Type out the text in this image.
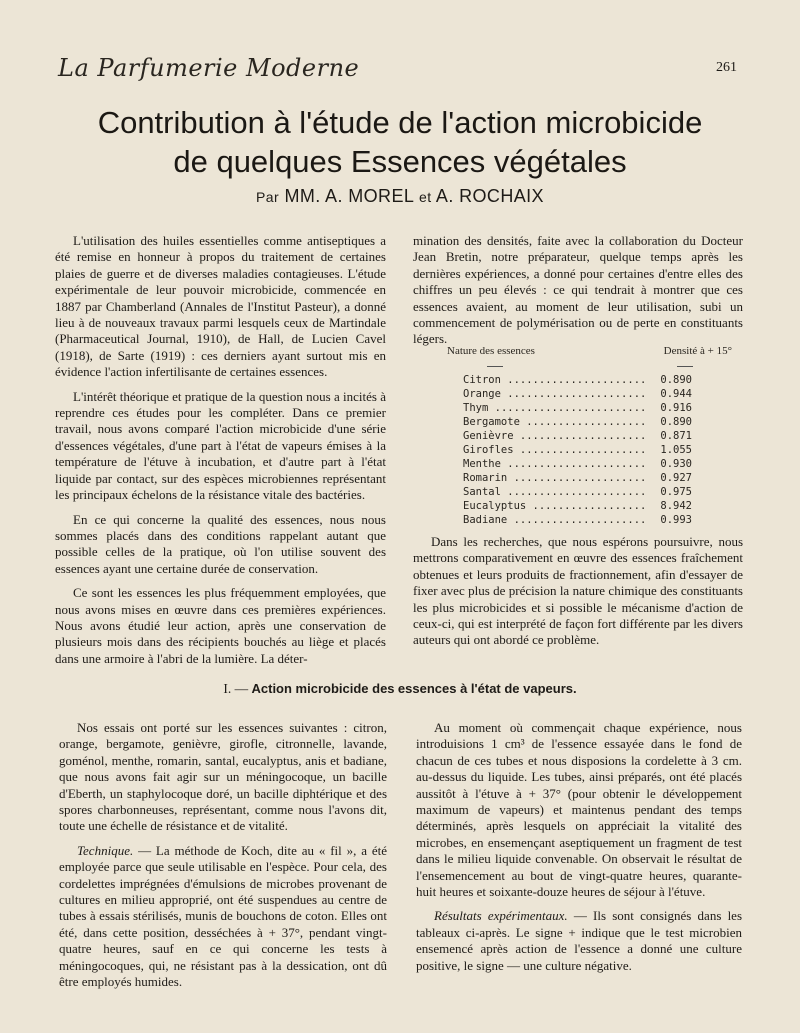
La Parfumerie Moderne	261
Contribution à l'étude de l'action microbicide
de quelques Essences végétales
Par MM. A. MOREL et A. ROCHAIX

L'utilisation des huiles essentielles comme antiseptiques a été remise en honneur à propos du traitement de certaines plaies de guerre et de diverses maladies contagieuses. L'étude expérimentale de leur pouvoir microbicide, commencée en 1887 par Chamberland (Annales de l'Institut Pasteur), a donné lieu à de nouveaux travaux parmi lesquels ceux de Martindale (Pharmaceutical Journal, 1910), de Hall, de Lucien Cavel (1918), de Sarte (1919) : ces derniers ayant surtout mis en évidence l'action infertilisante de certaines essences.

L'intérêt théorique et pratique de la question nous a incités à reprendre ces études pour les compléter. Dans ce premier travail, nous avons comparé l'action microbicide d'une série d'essences végétales, d'une part à l'état de vapeurs émises à la température de l'étuve à incubation, et d'autre part à l'état liquide par contact, sur des espèces microbiennes représentant les principaux échelons de la résistance vitale des bactéries.

En ce qui concerne la qualité des essences, nous nous sommes placés dans des conditions rappelant autant que possible celles de la pratique, où l'on utilise souvent des essences ayant une certaine durée de conservation.

Ce sont les essences les plus fréquemment employées, que nous avons mises en œuvre dans ces premières expériences. Nous avons étudié leur action, après une conservation de plusieurs mois dans des récipients bouchés au liège et placés dans une armoire à l'abri de la lumière. La déter-

mination des densités, faite avec la collaboration du Docteur Jean Bretin, notre préparateur, quelque temps après les dernières expériences, a donné pour certaines d'entre elles des chiffres un peu élevés : ce qui tendrait à montrer que ces essences avaient, au moment de leur utilisation, subi un commencement de polymérisation ou de perte en constituants légers.

Nature des essences	Densité à + 15°
Citron .....	0.890
Orange .....	0.944
Thym .....	0.916
Bergamote .....	0.890
Genièvre .....	0.871
Girofles .....	1.055
Menthe .....	0.930
Romarin .....	0.927
Santal .....	0.975
Eucalyptus .....	8.942
Badiane .....	0.993

Dans les recherches, que nous espérons poursuivre, nous mettrons comparativement en œuvre des essences fraîchement obtenues et leurs produits de fractionnement, afin d'essayer de fixer avec plus de précision la nature chimique des constituants les plus microbicides et si possible le mécanisme d'action de ceux-ci, qui est interprété de façon fort différente par les divers auteurs qui ont abordé ce problème.

I. — Action microbicide des essences à l'état de vapeurs.

Nos essais ont porté sur les essences suivantes : citron, orange, bergamote, genièvre, girofle, citronnelle, lavande, goménol, menthe, romarin, santal, eucalyptus, anis et badiane, que nous avons fait agir sur un méningocoque, un bacille d'Eberth, un staphylocoque doré, un bacille diphtérique et des spores charbonneuses, représentant, comme nous l'avons dit, toute une échelle de résistance et de vitalité.

Technique. — La méthode de Koch, dite au « fil », a été employée parce que seule utilisable en l'espèce. Pour cela, des cordelettes imprégnées d'émulsions de microbes provenant de cultures en milieu approprié, ont été suspendues au centre de tubes à essais stérilisés, munis de bouchons de coton. Elles ont été, dans cette position, desséchées à + 37°, pendant vingt-quatre heures, sauf en ce qui concerne les tests à méningocoques, qui, ne résistant pas à la dessication, ont dû être employés humides.

Au moment où commençait chaque expérience, nous introduisions 1 cm³ de l'essence essayée dans le fond de chacun de ces tubes et nous disposions la cordelette à 3 cm. au-dessus du liquide. Les tubes, ainsi préparés, ont été placés aussitôt à l'étuve à + 37° (pour obtenir le développement maximum de vapeurs) et maintenus pendant des temps déterminés, après lesquels on appréciait la vitalité des microbes, en ensemençant aseptiquement un fragment de test dans le milieu liquide convenable. On observait le résultat de l'ensemencement au bout de vingt-quatre heures, quarante-huit heures et soixante-douze heures de séjour à l'étuve.

Résultats expérimentaux. — Ils sont consignés dans les tableaux ci-après. Le signe + indique que le test microbien ensemencé après action de l'essence a donné une culture positive, le signe — une culture négative.
